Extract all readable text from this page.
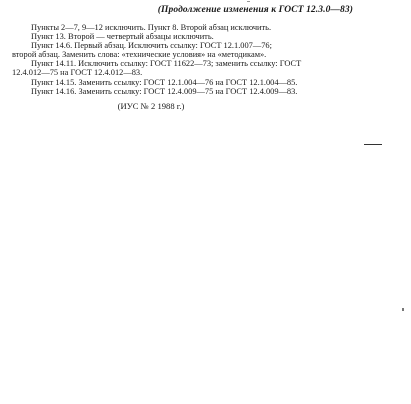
(Продолжение изменения к ГОСТ 12.3.0—83)
Пункты 2—7, 9—12 исключить. Пункт 8. Второй абзац исключить.
Пункт 13. Второй — четвертый абзацы исключить.
Пункт 14.6. Первый абзац. Исключить ссылку: ГОСТ 12.1.007—76;
второй абзац. Заменить слова: «технические условия» на «методикам».
Пункт 14.11. Исключить ссылку: ГОСТ 11622—73; заменить ссылку: ГОСТ
12.4.012—75 на ГОСТ 12.4.012—83.
Пункт 14.15. Заменить ссылку: ГОСТ 12.1.004—76 на ГОСТ 12.1.004—85.
Пункт 14.16. Заменить ссылку: ГОСТ 12.4.009—75 на ГОСТ 12.4.009—83.
(ИУС № 2 1988 г.)
